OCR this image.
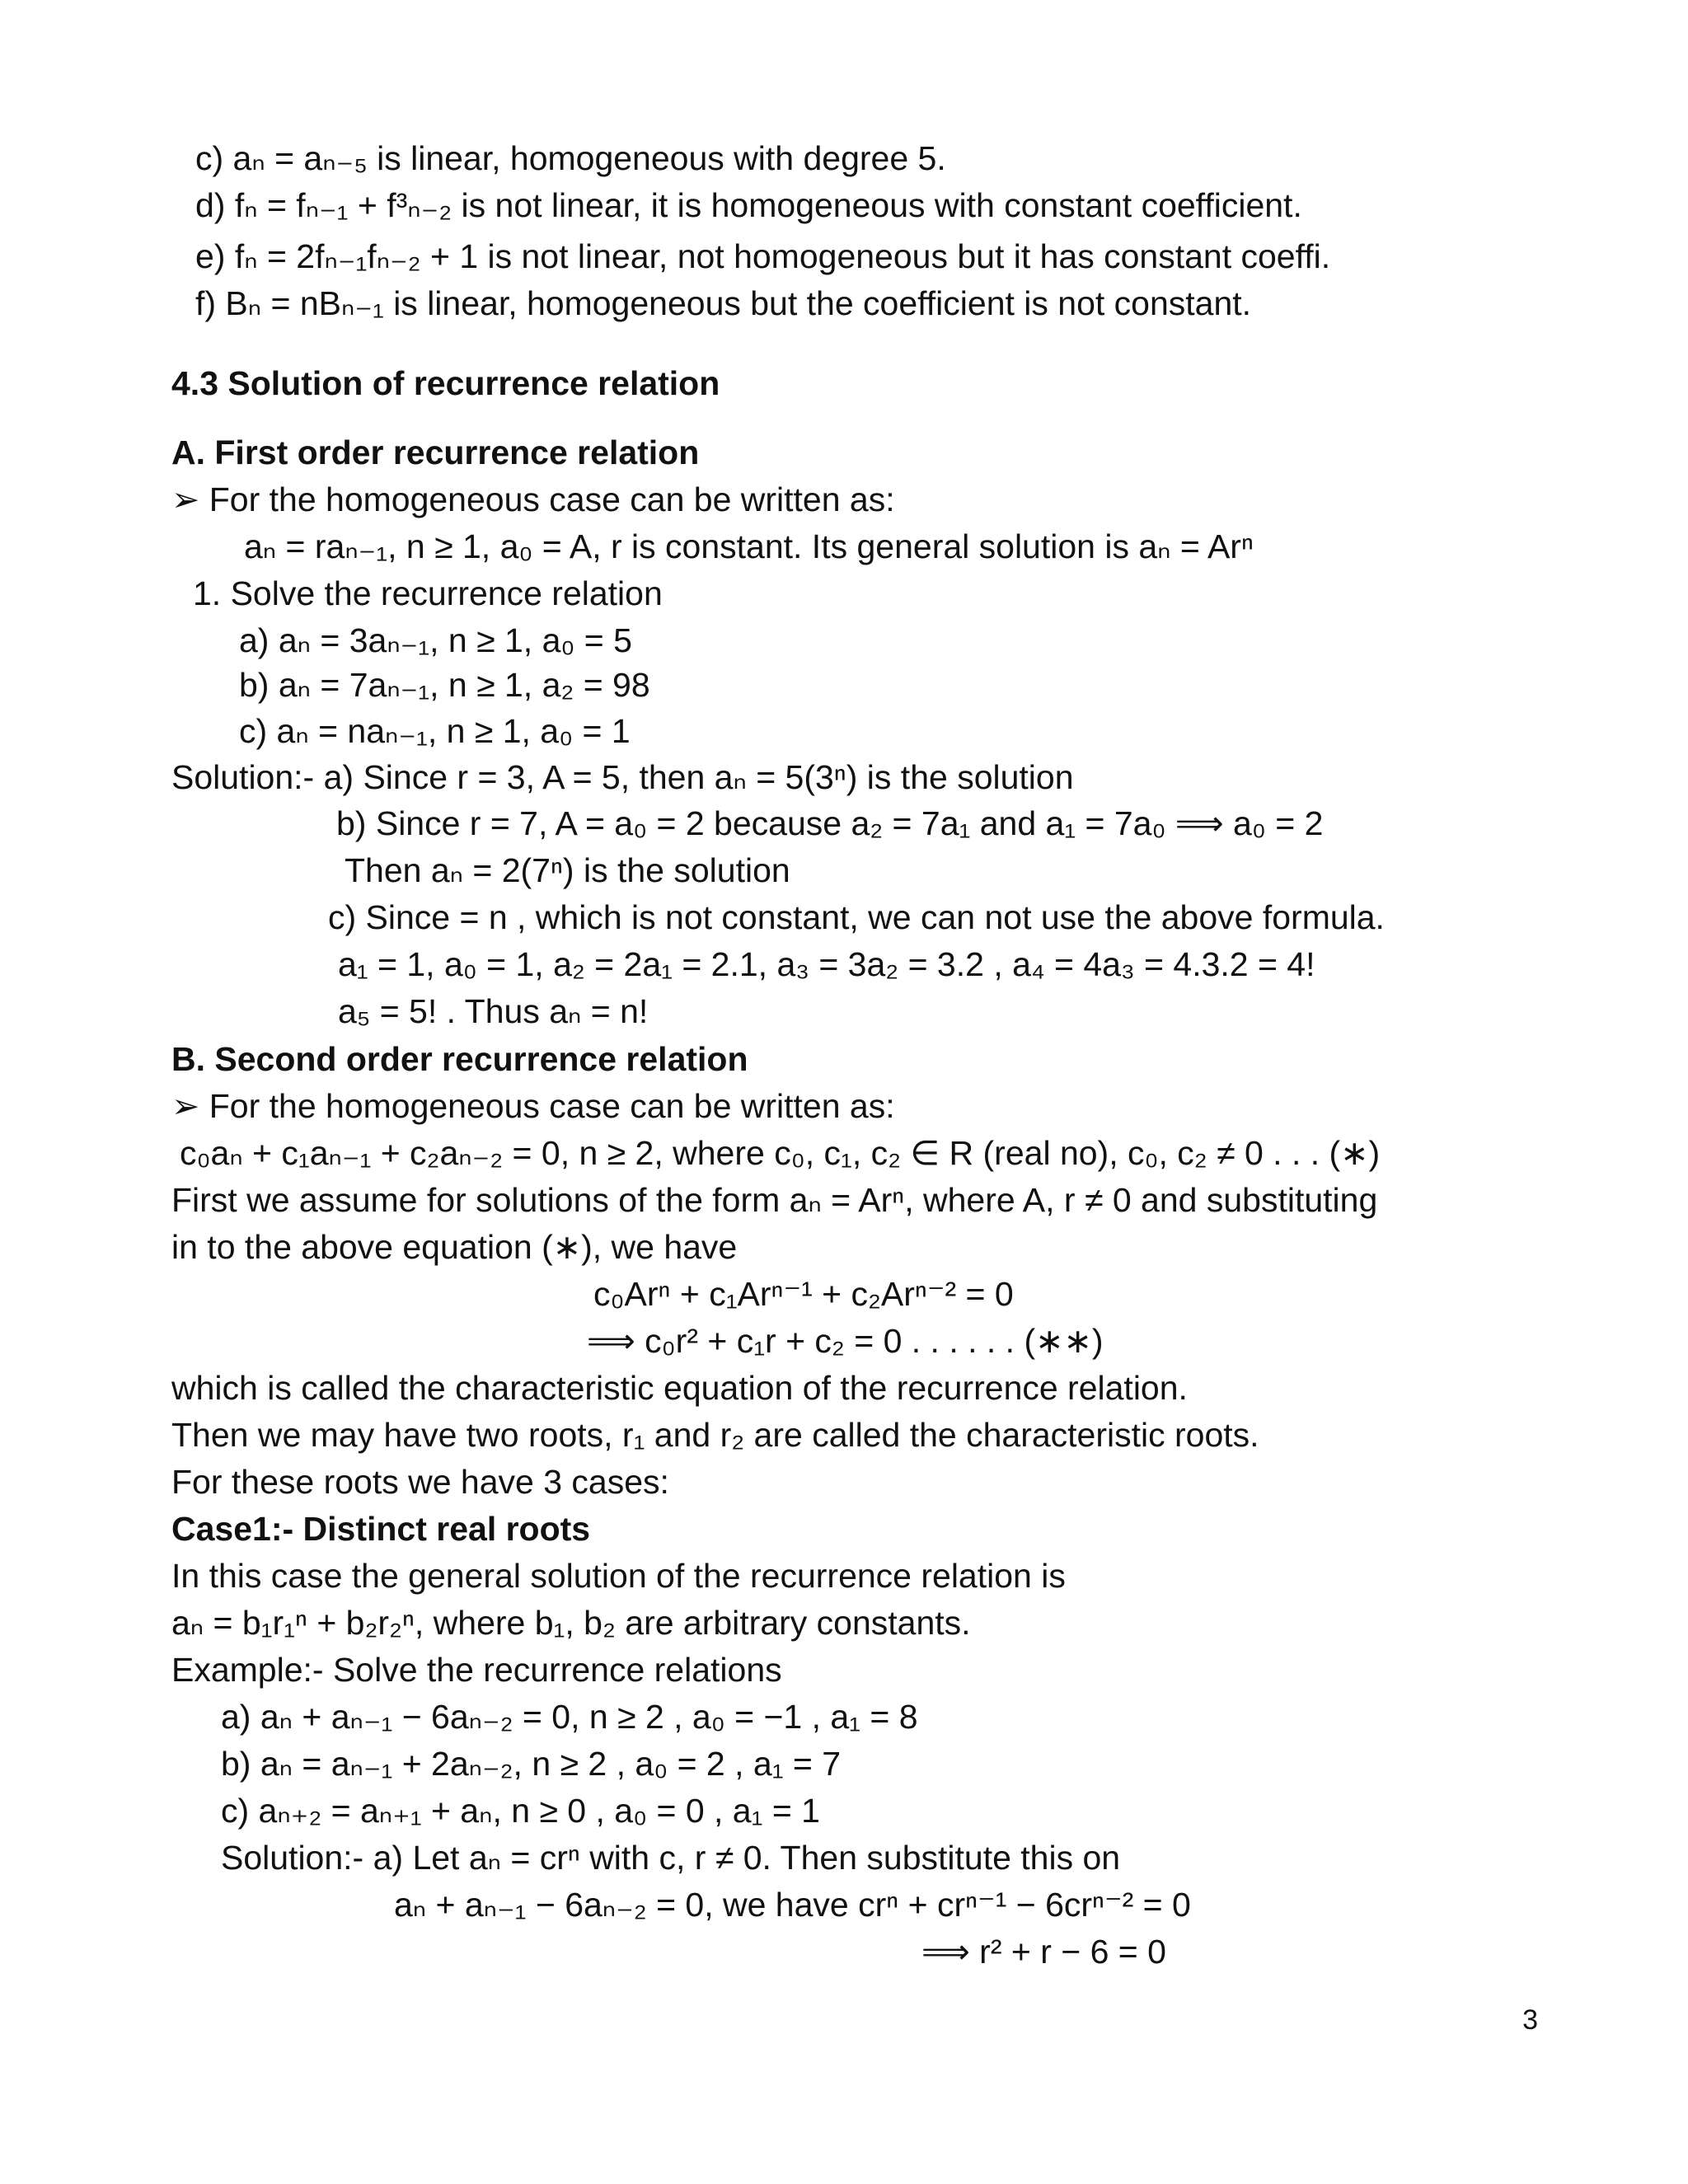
c) aₙ = aₙ₋₅ is linear, homogeneous with degree 5.
d) fₙ = fₙ₋₁ + f³ₙ₋₂ is not linear, it is homogeneous with constant coefficient.
e) fₙ = 2fₙ₋₁fₙ₋₂ + 1 is not linear, not homogeneous but it has constant coeffi.
f) Bₙ = nBₙ₋₁ is linear, homogeneous but the coefficient is not constant.
4.3 Solution of recurrence relation
A. First order recurrence relation
➢ For the homogeneous case can be written as:
aₙ = raₙ₋₁, n ≥ 1, a₀ = A, r is constant. Its general solution is aₙ = Arⁿ
1. Solve the recurrence relation
a) aₙ = 3aₙ₋₁, n ≥ 1, a₀ = 5
b) aₙ = 7aₙ₋₁, n ≥ 1, a₂ = 98
c) aₙ = naₙ₋₁, n ≥ 1, a₀ = 1
Solution:- a) Since r = 3, A = 5, then aₙ = 5(3ⁿ) is the solution
b) Since r = 7, A = a₀ = 2 because a₂ = 7a₁ and a₁ = 7a₀ ⟹ a₀ = 2
Then aₙ = 2(7ⁿ) is the solution
c) Since = n , which is not constant, we can not use the above formula.
a₁ = 1, a₀ = 1, a₂ = 2a₁ = 2.1, a₃ = 3a₂ = 3.2 , a₄ = 4a₃ = 4.3.2 = 4!
a₅ = 5! . Thus aₙ = n!
B. Second order recurrence relation
➢ For the homogeneous case can be written as:
c₀aₙ + c₁aₙ₋₁ + c₂aₙ₋₂ = 0, n ≥ 2, where c₀, c₁, c₂ ∈ R (real no), c₀, c₂ ≠ 0 . . . (∗)
First we assume for solutions of the form aₙ = Arⁿ, where A, r ≠ 0 and substituting
in to the above equation (∗), we have
c₀Arⁿ + c₁Arⁿ⁻¹ + c₂Arⁿ⁻² = 0
⟹ c₀r² + c₁r + c₂ = 0 . . . . . . (∗∗)
which is called the characteristic equation of the recurrence relation.
Then we may have two roots, r₁ and r₂ are called the characteristic roots.
For these roots we have 3 cases:
Case1:- Distinct real roots
In this case the general solution of the recurrence relation is
aₙ = b₁r₁ⁿ + b₂r₂ⁿ, where b₁, b₂ are arbitrary constants.
Example:- Solve the recurrence relations
a) aₙ + aₙ₋₁ − 6aₙ₋₂ = 0, n ≥ 2 , a₀ = −1 , a₁ = 8
b) aₙ = aₙ₋₁ + 2aₙ₋₂, n ≥ 2 , a₀ = 2 , a₁ = 7
c) aₙ₊₂ = aₙ₊₁ + aₙ, n ≥ 0 , a₀ = 0 , a₁ = 1
Solution:- a) Let aₙ = crⁿ with c, r ≠ 0. Then substitute this on
aₙ + aₙ₋₁ − 6aₙ₋₂ = 0, we have crⁿ + crⁿ⁻¹ − 6crⁿ⁻² = 0
⟹ r² + r − 6 = 0
3
